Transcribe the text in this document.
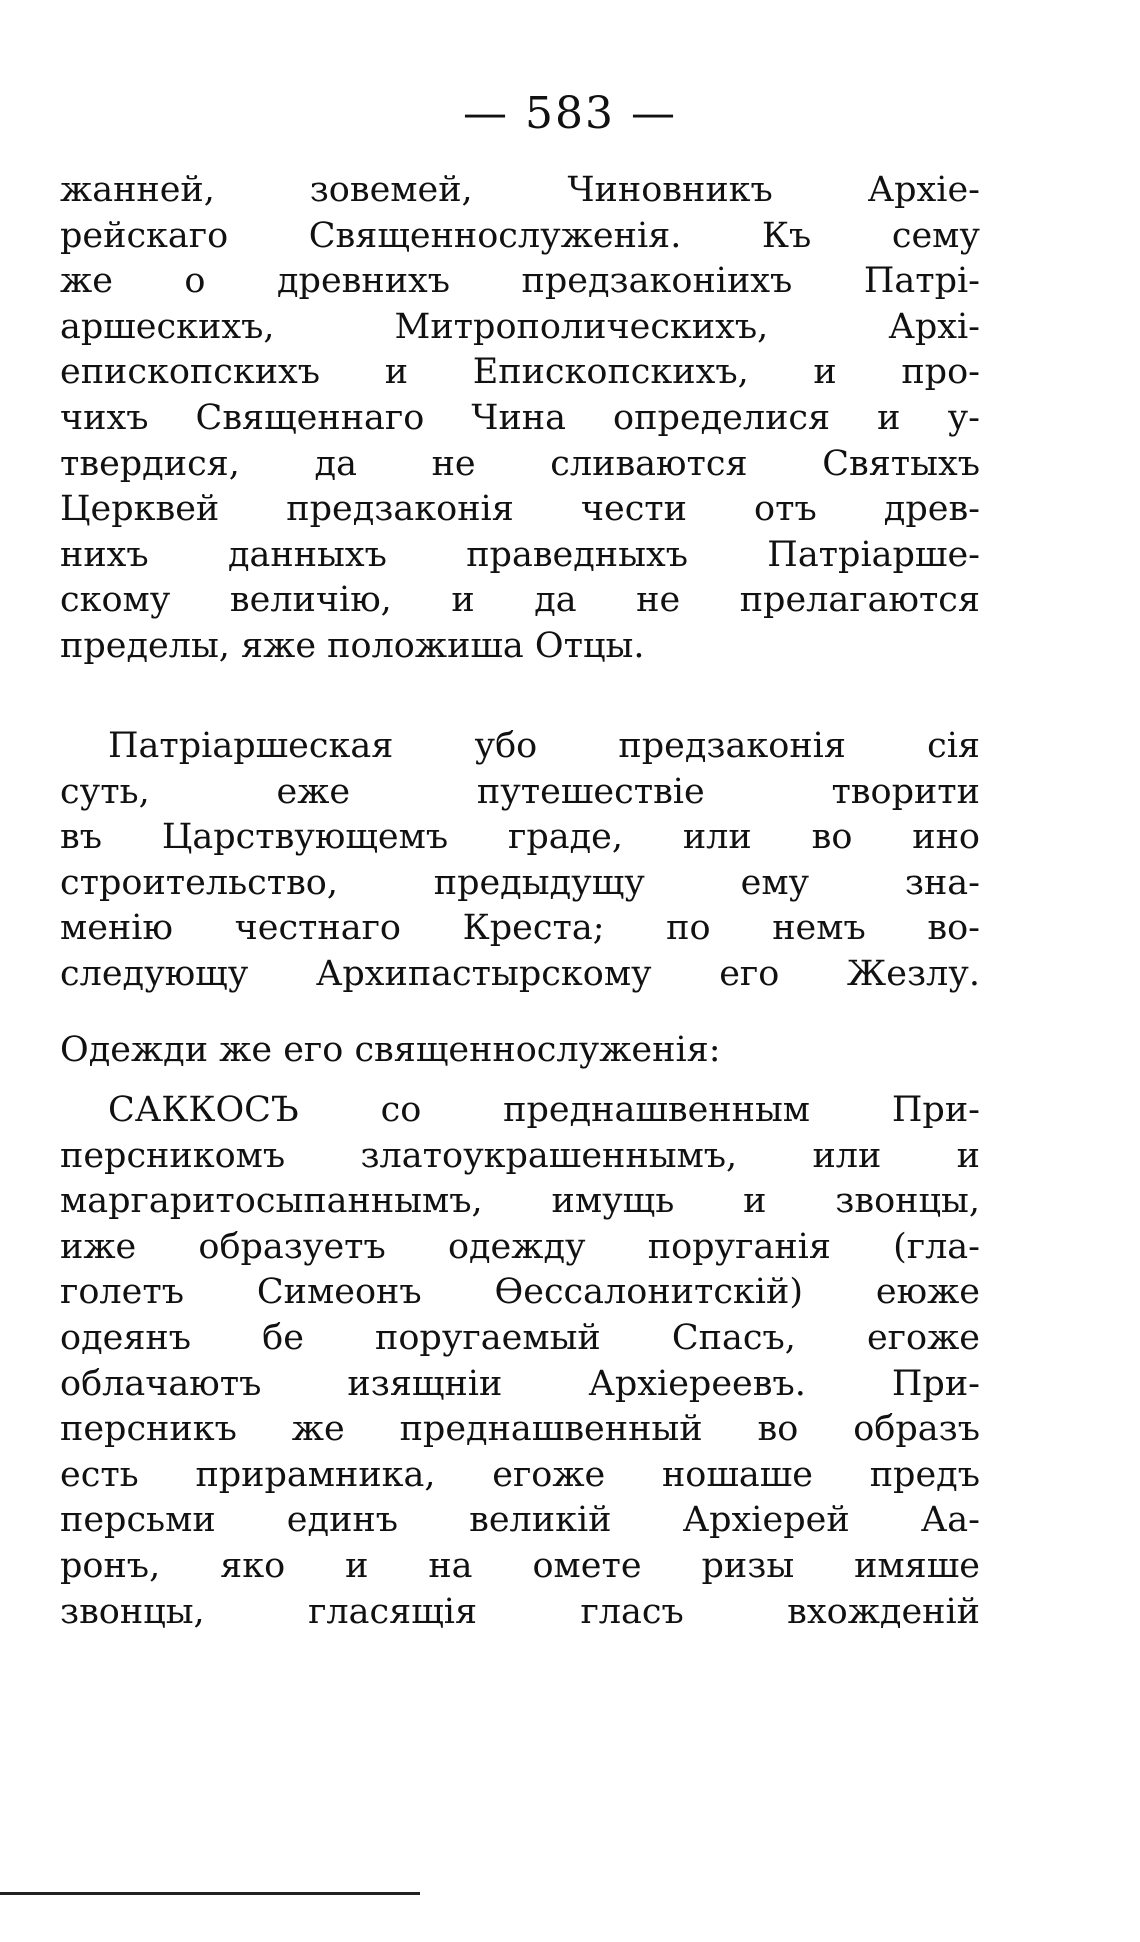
— 583 —
жанней, зовемей, Чиновникъ Архіе-
рейскаго Священнослуженія. Къ сему
же о древнихъ предзаконіихъ Патрі-
аршескихъ, Митрополическихъ, Архі-
епископскихъ и Епископскихъ, и про-
чихъ Священнаго Чина определися и у-
твердися, да не сливаются Святыхъ
Церквей предзаконія чести отъ древ-
нихъ данныхъ праведныхъ Патріарше-
скому величію, и да не прелагаются
пределы, яже положиша Отцы.
Патріаршеская убо предзаконія сія
суть, еже путешествіе творити
въ Царствующемъ граде, или во ино
строительство, предыдущу ему зна-
менію честнаго Креста; по немъ во-
следующу Архипастырскому его Жезлу.
Одежди же его священнослуженія:
САККОСЪ со преднашвенным При-
персникомъ златоукрашеннымъ, или и
маргаритосыпаннымъ, имущь и звонцы,
иже образуетъ одежду поруганія (гла-
голетъ Симеонъ Ѳессалонитскій) еюже
одеянъ бе поругаемый Спасъ, егоже
облачаютъ изящніи Архіереевъ. При-
персникъ же преднашвенный во образъ
есть прирамника, егоже ношаше предъ
персьми единъ великій Архіерей Аа-
ронъ, яко и на омете ризы имяше
звонцы, гласящія гласъ вхожденій
